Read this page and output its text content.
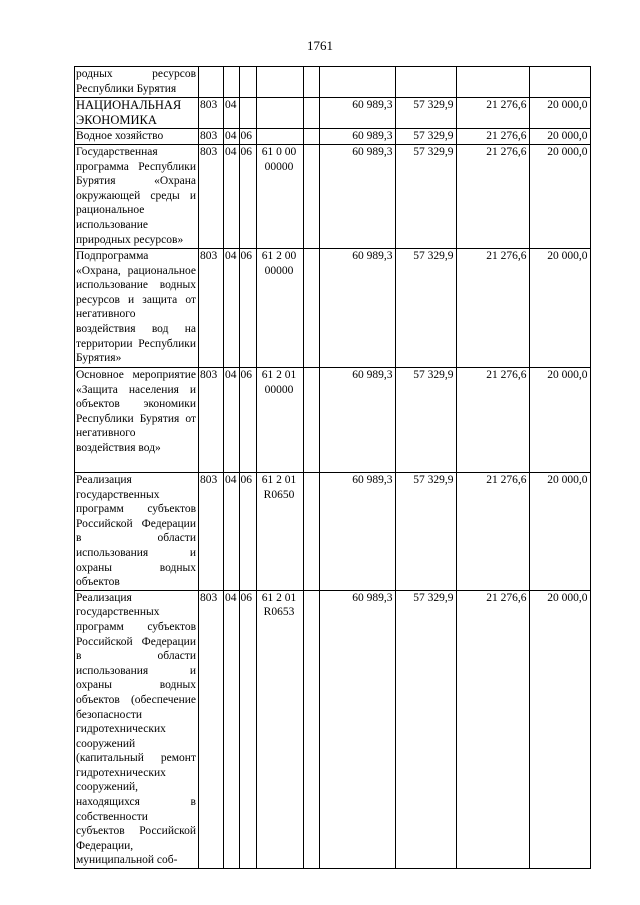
1761
родных ресурсов Республики Бурятия									
НАЦИОНАЛЬНАЯ ЭКОНОМИКА	803	04				60 989,3	57 329,9	21 276,6	20 000,0
Водное хозяйство	803	04	06			60 989,3	57 329,9	21 276,6	20 000,0
Государственная программа Республики Бурятия «Охрана окружающей среды и рациональное использование природных ресурсов»	803	04	06	61 0 00 00000		60 989,3	57 329,9	21 276,6	20 000,0
Подпрограмма «Охрана, рациональное использование водных ресурсов и защита от негативного воздействия вод на территории Республики Бурятия»	803	04	06	61 2 00 00000		60 989,3	57 329,9	21 276,6	20 000,0
Основное мероприятие «Защита населения и объектов экономики Республики Бурятия от негативного воздействия вод»	803	04	06	61 2 01 00000		60 989,3	57 329,9	21 276,6	20 000,0
Реализация государственных программ субъектов Российской Федерации в области использования и охраны водных объектов	803	04	06	61 2 01 R0650		60 989,3	57 329,9	21 276,6	20 000,0
Реализация государственных программ субъектов Российской Федерации в области использования и охраны водных объектов (обеспечение безопасности гидротехнических сооружений (капитальный ремонт гидротехнических сооружений, находящихся в собственности субъектов Российской Федерации, муниципальной соб-	803	04	06	61 2 01 R0653		60 989,3	57 329,9	21 276,6	20 000,0
